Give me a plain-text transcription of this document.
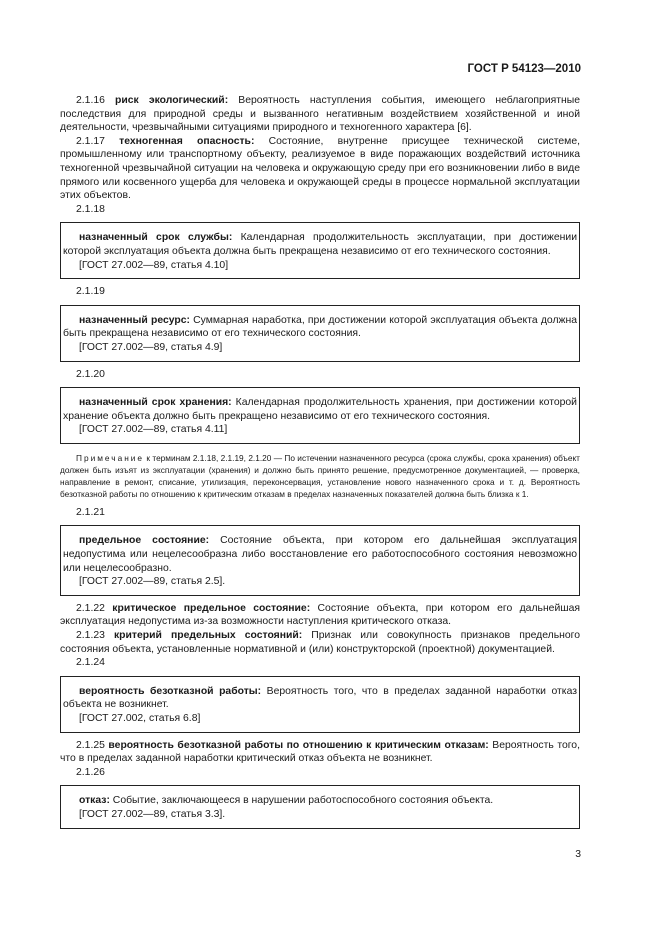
ГОСТ Р 54123—2010

2.1.16 риск экологический: Вероятность наступления события, имеющего неблагоприятные последствия для природной среды и вызванного негативным воздействием хозяйственной и иной деятельности, чрезвычайными ситуациями природного и техногенного характера [6].

2.1.17 техногенная опасность: Состояние, внутренне присущее технической системе, промышленному или транспортному объекту, реализуемое в виде поражающих воздействий источника техногенной чрезвычайной ситуации на человека и окружающую среду при его возникновении либо в виде прямого или косвенного ущерба для человека и окружающей среды в процессе нормальной эксплуатации этих объектов.

2.1.18

назначенный срок службы: Календарная продолжительность эксплуатации, при достижении которой эксплуатация объекта должна быть прекращена независимо от его технического состояния.

[ГОСТ 27.002—89, статья 4.10]

2.1.19

назначенный ресурс: Суммарная наработка, при достижении которой эксплуатация объекта должна быть прекращена независимо от его технического состояния.

[ГОСТ 27.002—89, статья 4.9]

2.1.20

назначенный срок хранения: Календарная продолжительность хранения, при достижении которой хранение объекта должно быть прекращено независимо от его технического состояния.

[ГОСТ 27.002—89, статья 4.11]

Примечание к терминам 2.1.18, 2.1.19, 2.1.20 — По истечении назначенного ресурса (срока службы, срока хранения) объект должен быть изъят из эксплуатации (хранения) и должно быть принято решение, предусмотренное документацией, — проверка, направление в ремонт, списание, утилизация, переконсервация, установление нового назначенного срока и т. д. Вероятность безотказной работы по отношению к критическим отказам в пределах назначенных показателей должна быть близка к 1.

2.1.21

предельное состояние: Состояние объекта, при котором его дальнейшая эксплуатация недопустима или нецелесообразна либо восстановление его работоспособного состояния невозможно или нецелесообразно.

[ГОСТ 27.002—89, статья 2.5].

2.1.22 критическое предельное состояние: Состояние объекта, при котором его дальнейшая эксплуатация недопустима из-за возможности наступления критического отказа.

2.1.23 критерий предельных состояний: Признак или совокупность признаков предельного состояния объекта, установленные нормативной и (или) конструкторской (проектной) документацией.

2.1.24

вероятность безотказной работы: Вероятность того, что в пределах заданной наработки отказ объекта не возникнет.

[ГОСТ 27.002, статья 6.8]

2.1.25 вероятность безотказной работы по отношению к критическим отказам: Вероятность того, что в пределах заданной наработки критический отказ объекта не возникнет.

2.1.26

отказ: Событие, заключающееся в нарушении работоспособного состояния объекта.

[ГОСТ 27.002—89, статья 3.3].

3
